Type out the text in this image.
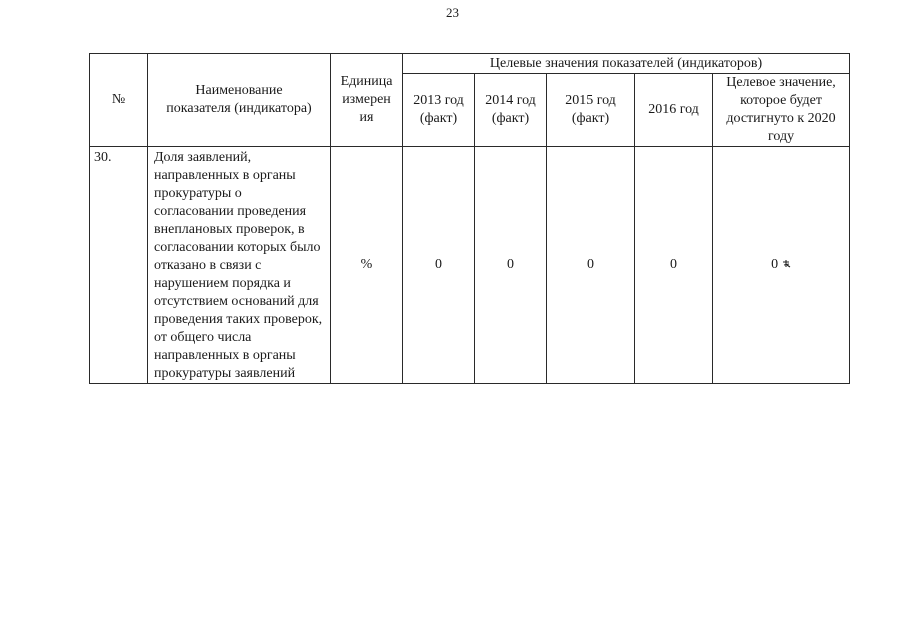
23
№	Наименование показателя (индикатора)	Единица измерения	Целевые значения показателей (индикаторов)				
			2013 год (факт)	2014 год (факт)	2015 год (факт)	2016 год	Целевое значение, которое будет достигнуто к 2020 году
30.	Доля заявлений, направленных в органы прокуратуры о согласовании проведения внеплановых проверок, в согласовании которых было отказано в связи с нарушением порядка и отсутствием оснований для проведения таких проверок, от общего числа направленных в органы прокуратуры заявлений	%	0	0	0	0	0
